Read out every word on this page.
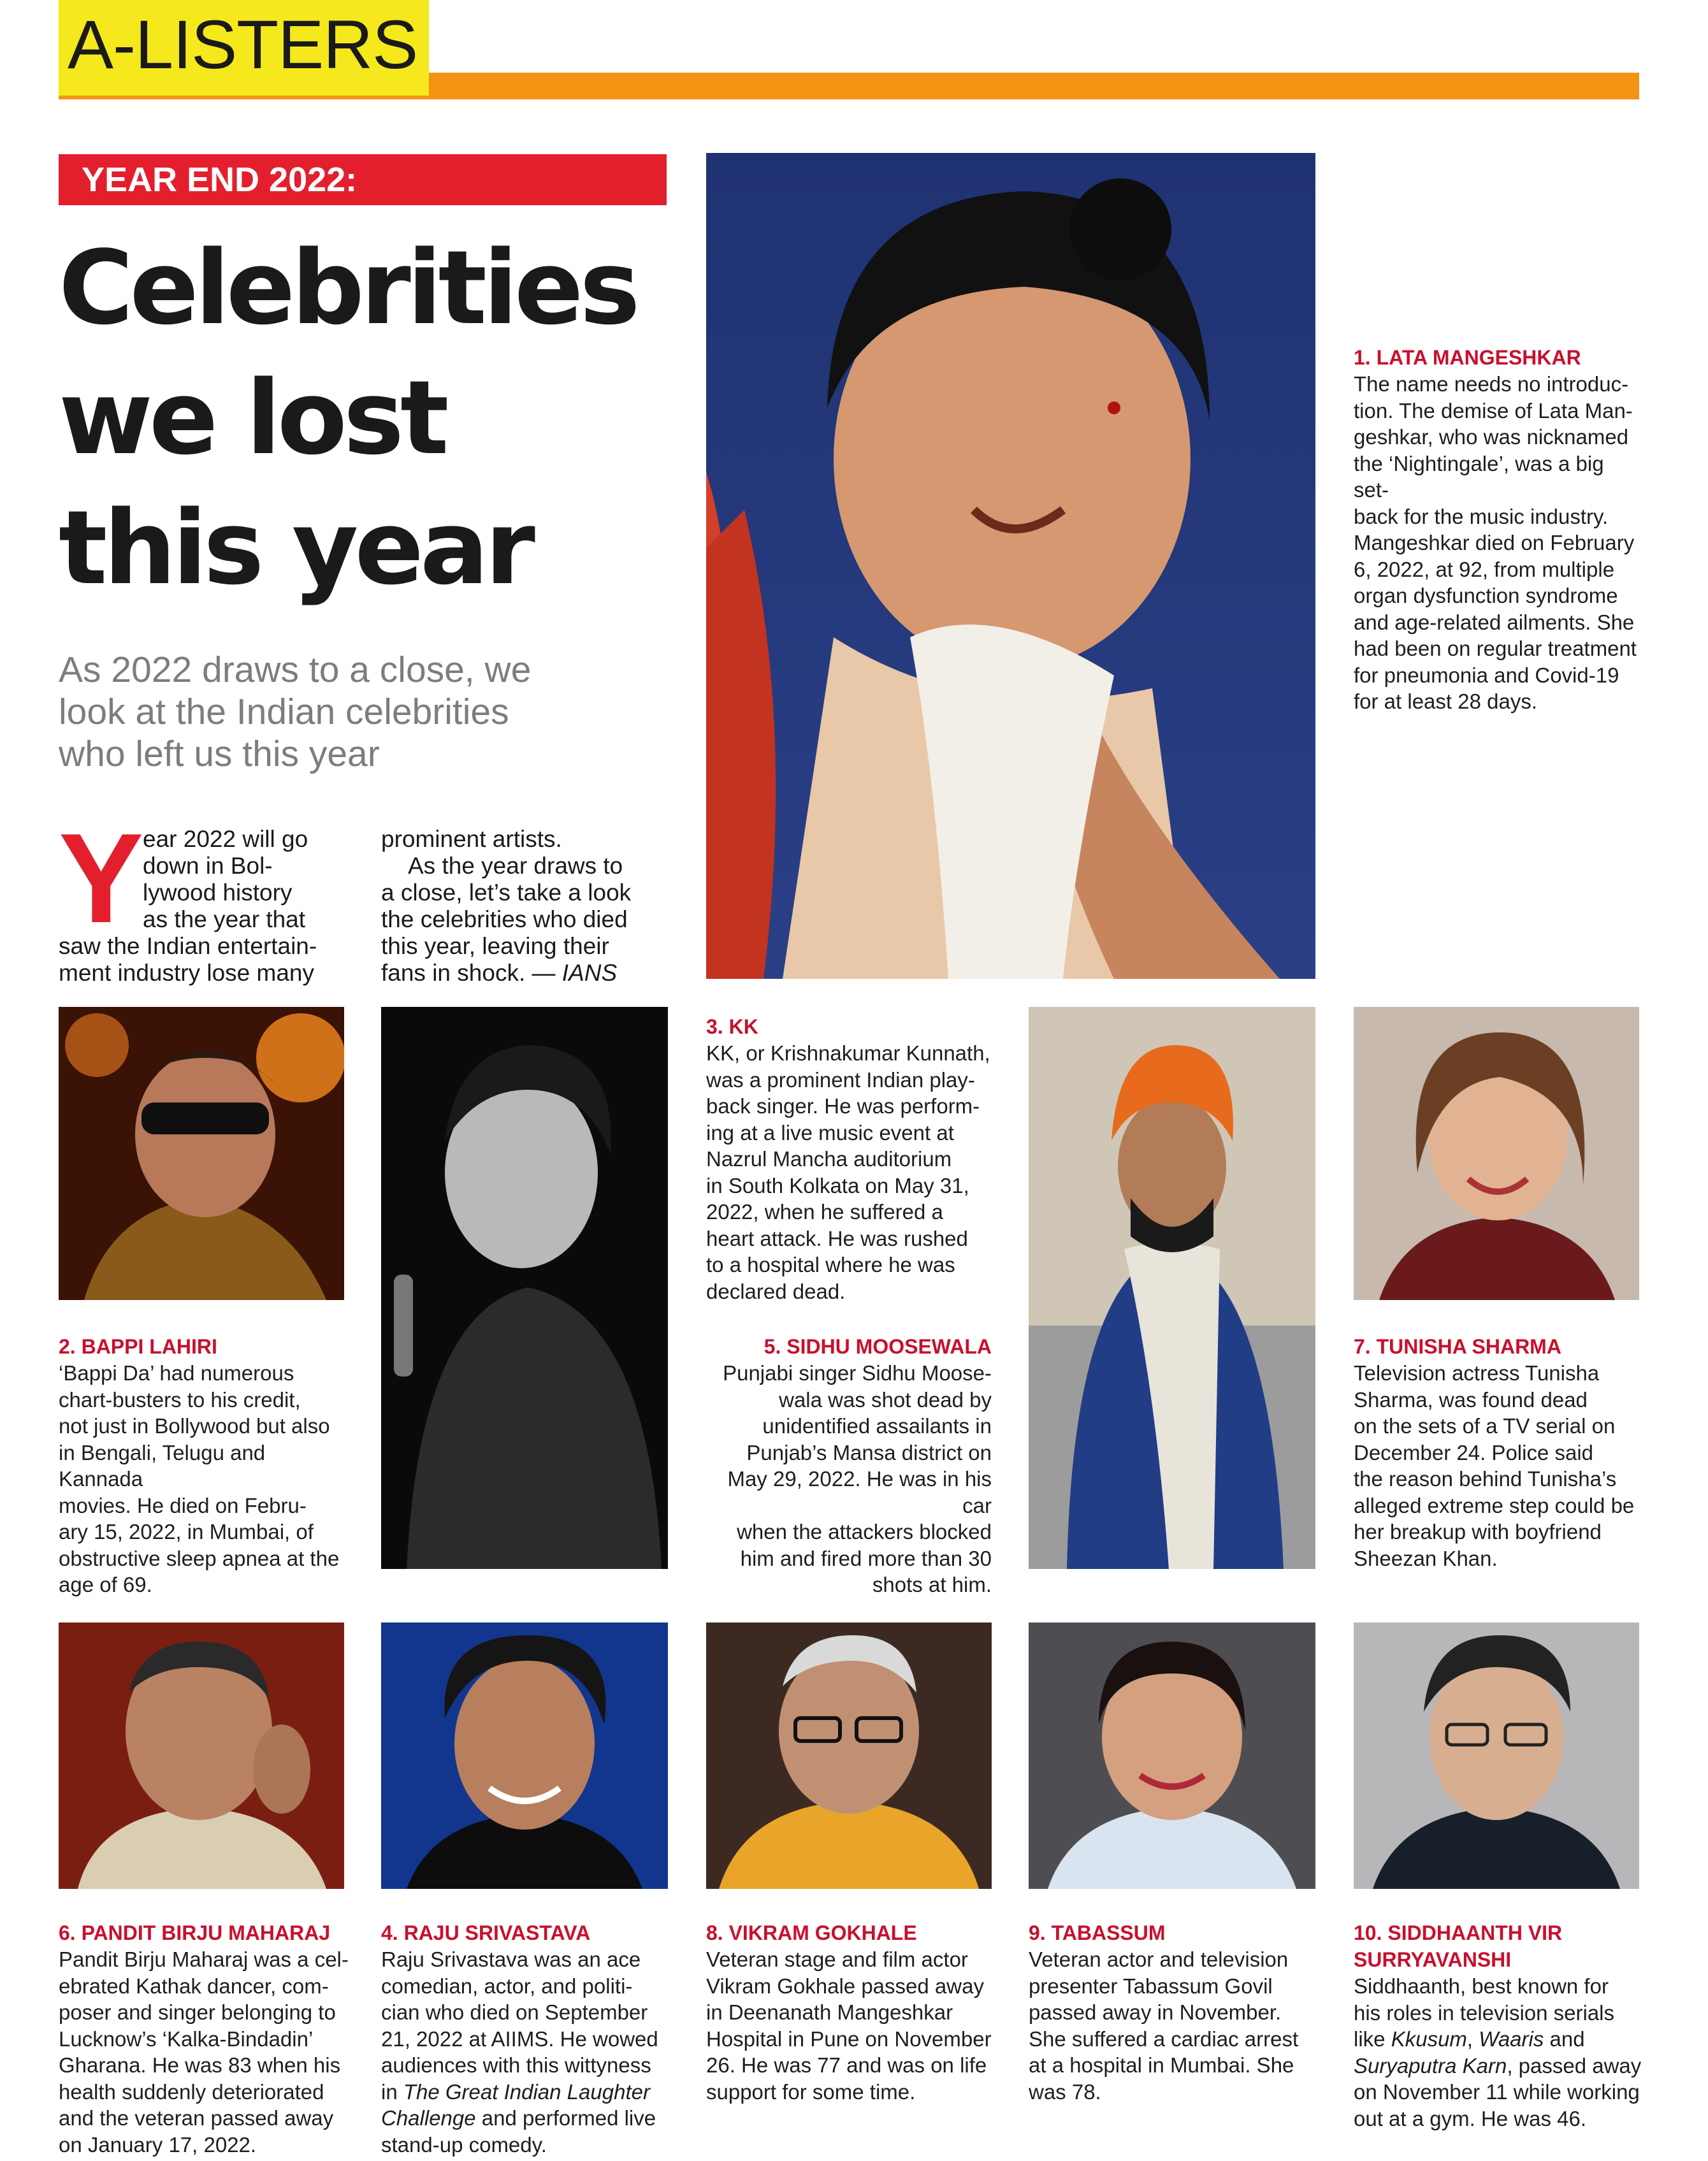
A-LISTERS
YEAR END 2022:
Celebrities
we lost
this year
As 2022 draws to a close, we
look at the Indian celebrities
who left us this year
Y
ear 2022 will go
down in Bol-
lywood history
as the year that
saw the Indian entertain-
ment industry lose many
prominent artists.
As the year draws to
a close, let’s take a look
the celebrities who died
this year, leaving their
fans in shock. — IANS
1. LATA MANGESHKAR
The name needs no introduc-
tion. The demise of Lata Man-
geshkar, who was nicknamed
the ‘Nightingale’, was a big set-
back for the music industry.
Mangeshkar died on February
6, 2022, at 92, from multiple
organ dysfunction syndrome
and age-related ailments. She
had been on regular treatment
for pneumonia and Covid-19
for at least 28 days.
2. BAPPI LAHIRI
‘Bappi Da’ had numerous
chart-busters to his credit,
not just in Bollywood but also
in Bengali, Telugu and Kannada
movies. He died on Febru-
ary 15, 2022, in Mumbai, of
obstructive sleep apnea at the
age of 69.
3. KK
KK, or Krishnakumar Kunnath,
was a prominent Indian play-
back singer. He was perform-
ing at a live music event at
Nazrul Mancha auditorium
in South Kolkata on May 31,
2022, when he suffered a
heart attack. He was rushed
to a hospital where he was
declared dead.
5. SIDHU MOOSEWALA
Punjabi singer Sidhu Moose-
wala was shot dead by
unidentified assailants in
Punjab’s Mansa district on
May 29, 2022. He was in his car
when the attackers blocked
him and fired more than 30
shots at him.
7. TUNISHA SHARMA
Television actress Tunisha
Sharma, was found dead
on the sets of a TV serial on
December 24. Police said
the reason behind Tunisha’s
alleged extreme step could be
her breakup with boyfriend
Sheezan Khan.
6. PANDIT BIRJU MAHARAJ
Pandit Birju Maharaj was a cel-
ebrated Kathak dancer, com-
poser and singer belonging to
Lucknow’s ‘Kalka-Bindadin’
Gharana. He was 83 when his
health suddenly deteriorated
and the veteran passed away
on January 17, 2022.
4. RAJU SRIVASTAVA
Raju Srivastava was an ace
comedian, actor, and politi-
cian who died on September
21, 2022 at AIIMS. He wowed
audiences with this wittyness
in The Great Indian Laughter
Challenge and performed live
stand-up comedy.
8. VIKRAM GOKHALE
Veteran stage and film actor
Vikram Gokhale passed away
in Deenanath Mangeshkar
Hospital in Pune on November
26. He was 77 and was on life
support for some time.
9. TABASSUM
Veteran actor and television
presenter Tabassum Govil
passed away in November.
She suffered a cardiac arrest
at a hospital in Mumbai. She
was 78.
10. SIDDHAANTH VIR
SURRYAVANSHI
Siddhaanth, best known for
his roles in television serials
like Kkusum, Waaris and
Suryaputra Karn, passed away
on November 11 while working
out at a gym. He was 46.
